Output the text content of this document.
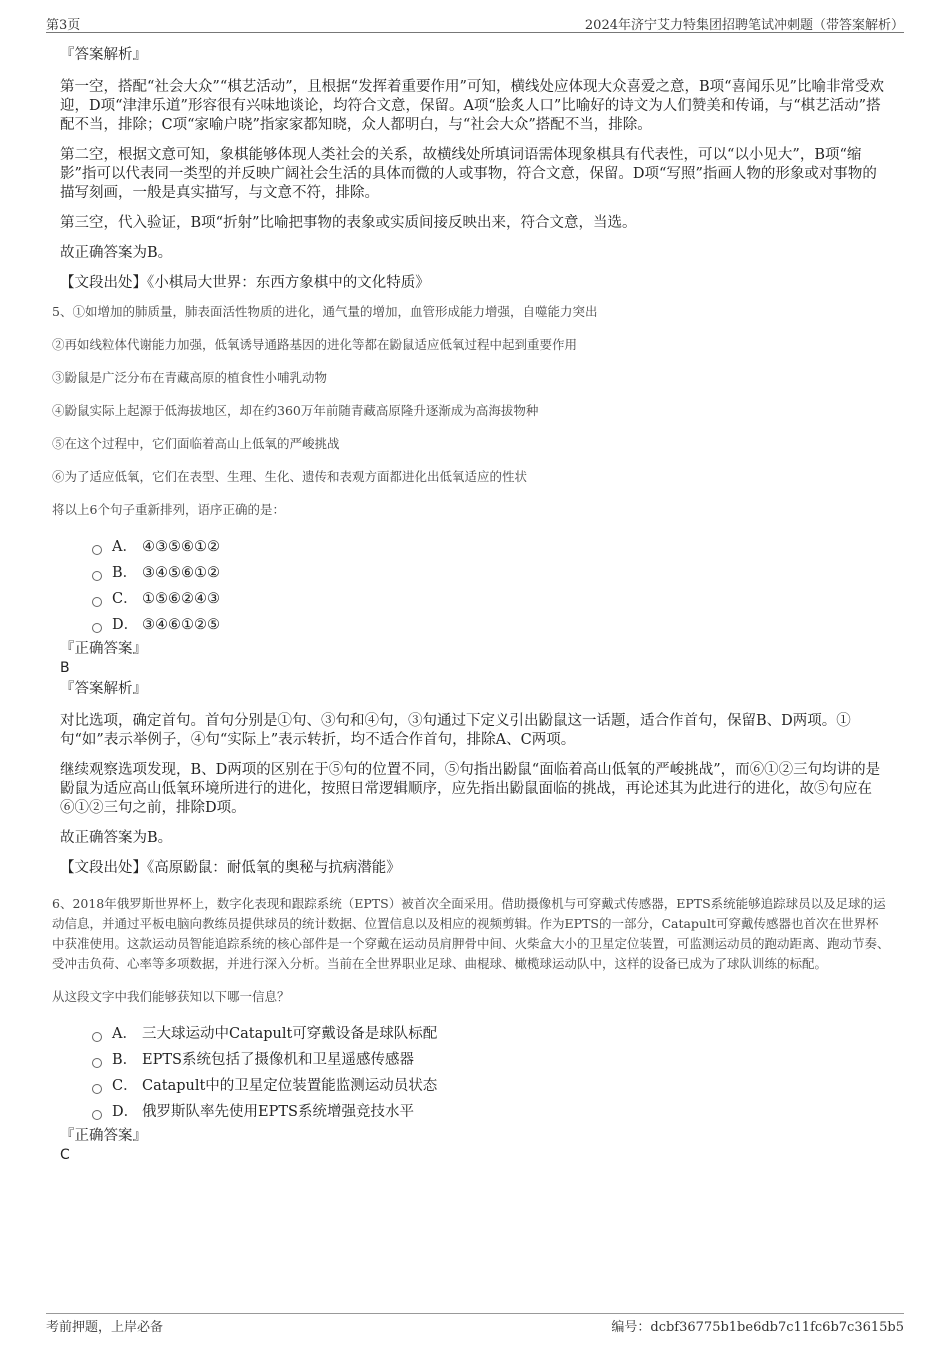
第3页	2024年济宁艾力特集团招聘笔试冲刺题（带答案解析）
『答案解析』

第一空，搭配“社会大众”“棋艺活动”，且根据“发挥着重要作用”可知，横线处应体现大众喜爱之意，B项“喜闻乐见”比喻非常受欢迎，D项“津津乐道”形容很有兴味地谈论，均符合文意，保留。A项“脍炙人口”比喻好的诗文为人们赞美和传诵，与“棋艺活动”搭配不当，排除；C项“家喻户晓”指家家都知晓，众人都明白，与“社会大众”搭配不当，排除。

第二空，根据文意可知，象棋能够体现人类社会的关系，故横线处所填词语需体现象棋具有代表性，可以“以小见大”，B项“缩影”指可以代表同一类型的并反映广阔社会生活的具体而微的人或事物，符合文意，保留。D项“写照”指画人物的形象或对事物的描写刻画，一般是真实描写，与文意不符，排除。

第三空，代入验证，B项“折射”比喻把事物的表象或实质间接反映出来，符合文意，当选。

故正确答案为B。

【文段出处】《小棋局大世界：东西方象棋中的文化特质》

5、①如增加的肺质量，肺表面活性物质的进化，通气量的增加，血管形成能力增强，自噬能力突出

②再如线粒体代谢能力加强，低氧诱导通路基因的进化等都在鼢鼠适应低氧过程中起到重要作用

③鼢鼠是广泛分布在青藏高原的植食性小哺乳动物

④鼢鼠实际上起源于低海拔地区，却在约360万年前随青藏高原隆升逐渐成为高海拔物种

⑤在这个过程中，它们面临着高山上低氧的严峻挑战

⑥为了适应低氧，它们在表型、生理、生化、遗传和表观方面都进化出低氧适应的性状

将以上6个句子重新排列，语序正确的是：

A． ④③⑤⑥①②
B． ③④⑤⑥①②
C． ①⑤⑥②④③
D． ③④⑥①②⑤
『正确答案』
B
『答案解析』

对比选项，确定首句。首句分别是①句、③句和④句，③句通过下定义引出鼢鼠这一话题，适合作首句，保留B、D两项。①句“如”表示举例子，④句“实际上”表示转折，均不适合作首句，排除A、C两项。

继续观察选项发现，B、D两项的区别在于⑤句的位置不同，⑤句指出鼢鼠“面临着高山低氧的严峻挑战”，而⑥①②三句均讲的是鼢鼠为适应高山低氧环境所进行的进化，按照日常逻辑顺序，应先指出鼢鼠面临的挑战，再论述其为此进行的进化，故⑤句应在⑥①②三句之前，排除D项。

故正确答案为B。

【文段出处】《高原鼢鼠：耐低氧的奥秘与抗病潜能》

6、2018年俄罗斯世界杯上，数字化表现和跟踪系统（EPTS）被首次全面采用。借助摄像机与可穿戴式传感器，EPTS系统能够追踪球员以及足球的运动信息，并通过平板电脑向教练员提供球员的统计数据、位置信息以及相应的视频剪辑。作为EPTS的一部分，Catapult可穿戴传感器也首次在世界杯中获准使用。这款运动员智能追踪系统的核心部件是一个穿戴在运动员肩胛骨中间、火柴盒大小的卫星定位装置，可监测运动员的跑动距离、跑动节奏、受冲击负荷、心率等多项数据，并进行深入分析。当前在全世界职业足球、曲棍球、橄榄球运动队中，这样的设备已成为了球队训练的标配。

从这段文字中我们能够获知以下哪一信息？

A． 三大球运动中Catapult可穿戴设备是球队标配
B． EPTS系统包括了摄像机和卫星遥感传感器
C． Catapult中的卫星定位装置能监测运动员状态
D． 俄罗斯队率先使用EPTS系统增强竞技水平
『正确答案』
C
考前押题，上岸必备	编号：dcbf36775b1be6db7c11fc6b7c3615b5
